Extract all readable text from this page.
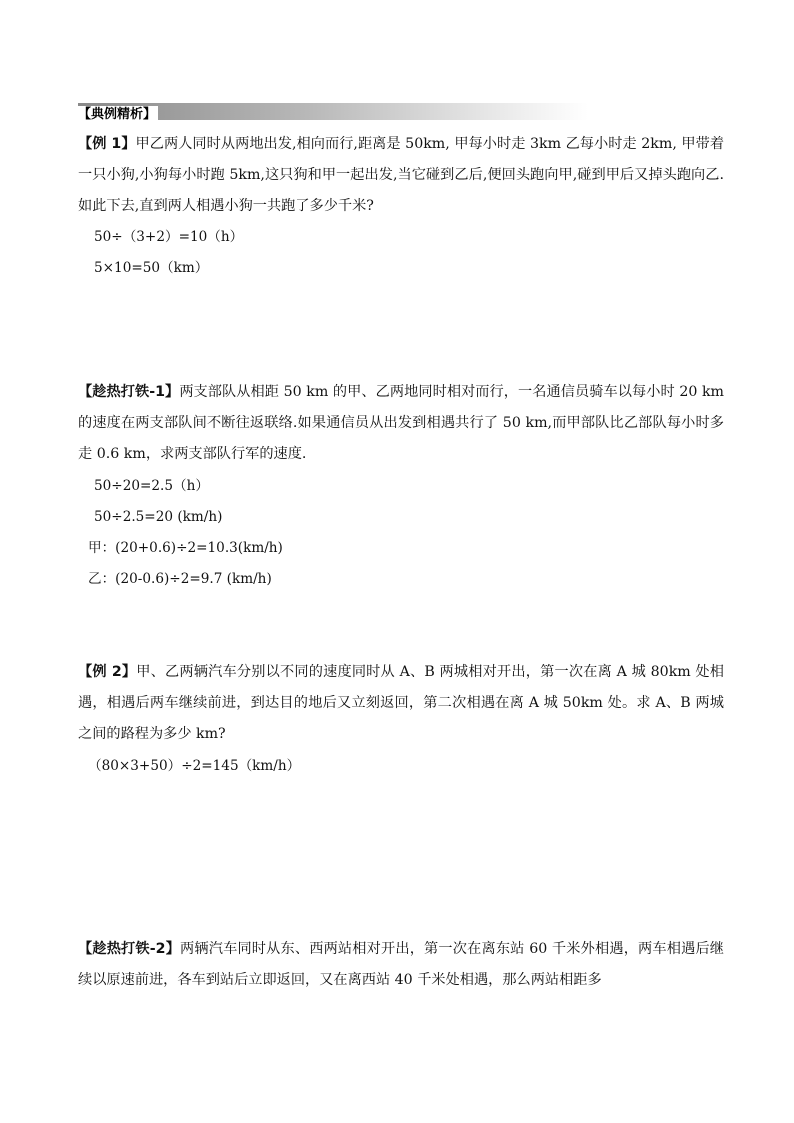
【典例精析】
【例 1】甲乙两人同时从两地出发,相向而行,距离是 50km, 甲每小时走 3km 乙每小时走 2km, 甲带着一只小狗,小狗每小时跑 5km,这只狗和甲一起出发,当它碰到乙后,便回头跑向甲,碰到甲后又掉头跑向乙.如此下去,直到两人相遇小狗一共跑了多少千米?
50÷（3+2）=10（h）
5×10=50（km）
【趁热打铁-1】两支部队从相距 50 km 的甲、乙两地同时相对而行，一名通信员骑车以每小时 20 km 的速度在两支部队间不断往返联络.如果通信员从出发到相遇共行了 50 km,而甲部队比乙部队每小时多走 0.6 km，求两支部队行军的速度.
50÷20=2.5（h）
50÷2.5=20 (km/h)
甲：(20+0.6)÷2=10.3(km/h)
乙：(20-0.6)÷2=9.7 (km/h)
【例 2】甲、乙两辆汽车分别以不同的速度同时从 A、B 两城相对开出，第一次在离 A 城 80km 处相遇，相遇后两车继续前进，到达目的地后又立刻返回，第二次相遇在离 A 城 50km 处。求 A、B 两城 之间的路程为多少 km?
（80×3+50）÷2=145（km/h）
【趁热打铁-2】两辆汽车同时从东、西两站相对开出，第一次在离东站 60 千米外相遇，两车相遇后继续以原速前进，各车到站后立即返回，又在离西站 40 千米处相遇，那么两站相距多
